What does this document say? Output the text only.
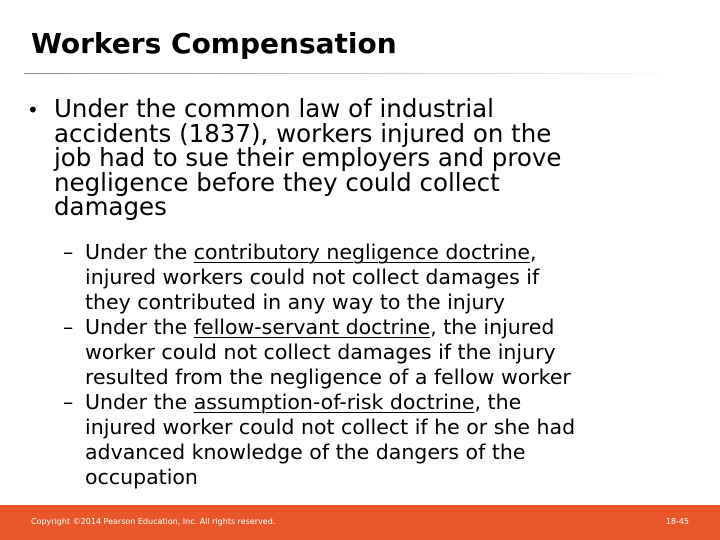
Workers Compensation
• Under the common law of industrial
accidents (1837), workers injured on the
job had to sue their employers and prove
negligence before they could collect
damages
– Under the contributory negligence doctrine,
injured workers could not collect damages if
they contributed in any way to the injury
– Under the fellow-servant doctrine, the injured
worker could not collect damages if the injury
resulted from the negligence of a fellow worker
– Under the assumption-of-risk doctrine, the
injured worker could not collect if he or she had
advanced knowledge of the dangers of the
occupation
Copyright ©2014 Pearson Education, Inc. All rights reserved.	18-45
